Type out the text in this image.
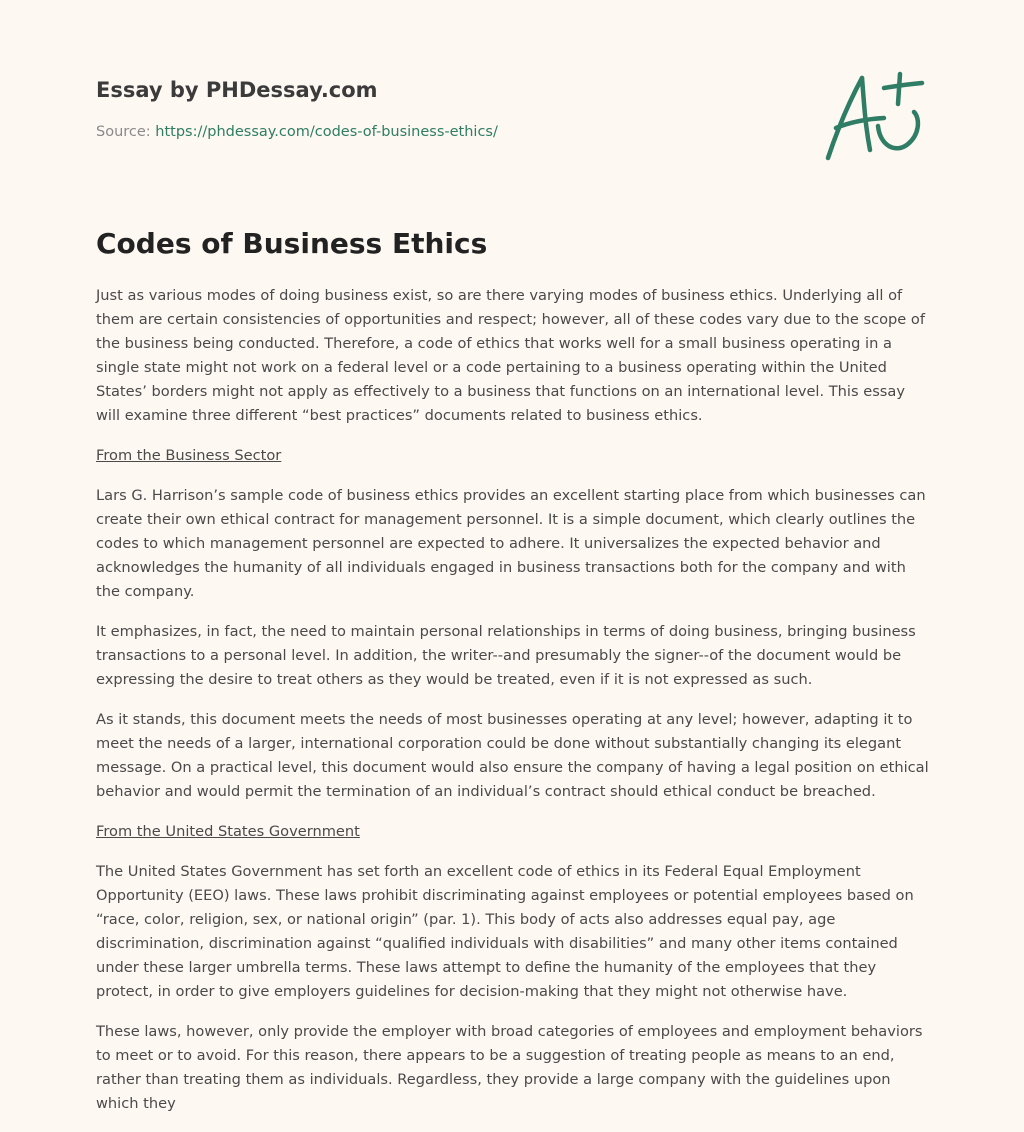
Essay by PHDessay.com
Source: https://phdessay.com/codes-of-business-ethics/
Codes of Business Ethics

Just as various modes of doing business exist, so are there varying modes of business ethics. Underlying all of them are certain consistencies of opportunities and respect; however, all of these codes vary due to the scope of the business being conducted. Therefore, a code of ethics that works well for a small business operating in a single state might not work on a federal level or a code pertaining to a business operating within the United States’ borders might not apply as effectively to a business that functions on an international level. This essay will examine three different “best practices” documents related to business ethics.

From the Business Sector

Lars G. Harrison’s sample code of business ethics provides an excellent starting place from which businesses can create their own ethical contract for management personnel. It is a simple document, which clearly outlines the codes to which management personnel are expected to adhere. It universalizes the expected behavior and acknowledges the humanity of all individuals engaged in business transactions both for the company and with the company.

It emphasizes, in fact, the need to maintain personal relationships in terms of doing business, bringing business transactions to a personal level. In addition, the writer--and presumably the signer--of the document would be expressing the desire to treat others as they would be treated, even if it is not expressed as such.

As it stands, this document meets the needs of most businesses operating at any level; however, adapting it to meet the needs of a larger, international corporation could be done without substantially changing its elegant message. On a practical level, this document would also ensure the company of having a legal position on ethical behavior and would permit the termination of an individual’s contract should ethical conduct be breached.

From the United States Government

The United States Government has set forth an excellent code of ethics in its Federal Equal Employment Opportunity (EEO) laws. These laws prohibit discriminating against employees or potential employees based on “race, color, religion, sex, or national origin” (par. 1). This body of acts also addresses equal pay, age discrimination, discrimination against “qualified individuals with disabilities” and many other items contained under these larger umbrella terms. These laws attempt to define the humanity of the employees that they protect, in order to give employers guidelines for decision-making that they might not otherwise have.

These laws, however, only provide the employer with broad categories of employees and employment behaviors to meet or to avoid. For this reason, there appears to be a suggestion of treating people as means to an end, rather than treating them as individuals. Regardless, they provide a large company with the guidelines upon which they
